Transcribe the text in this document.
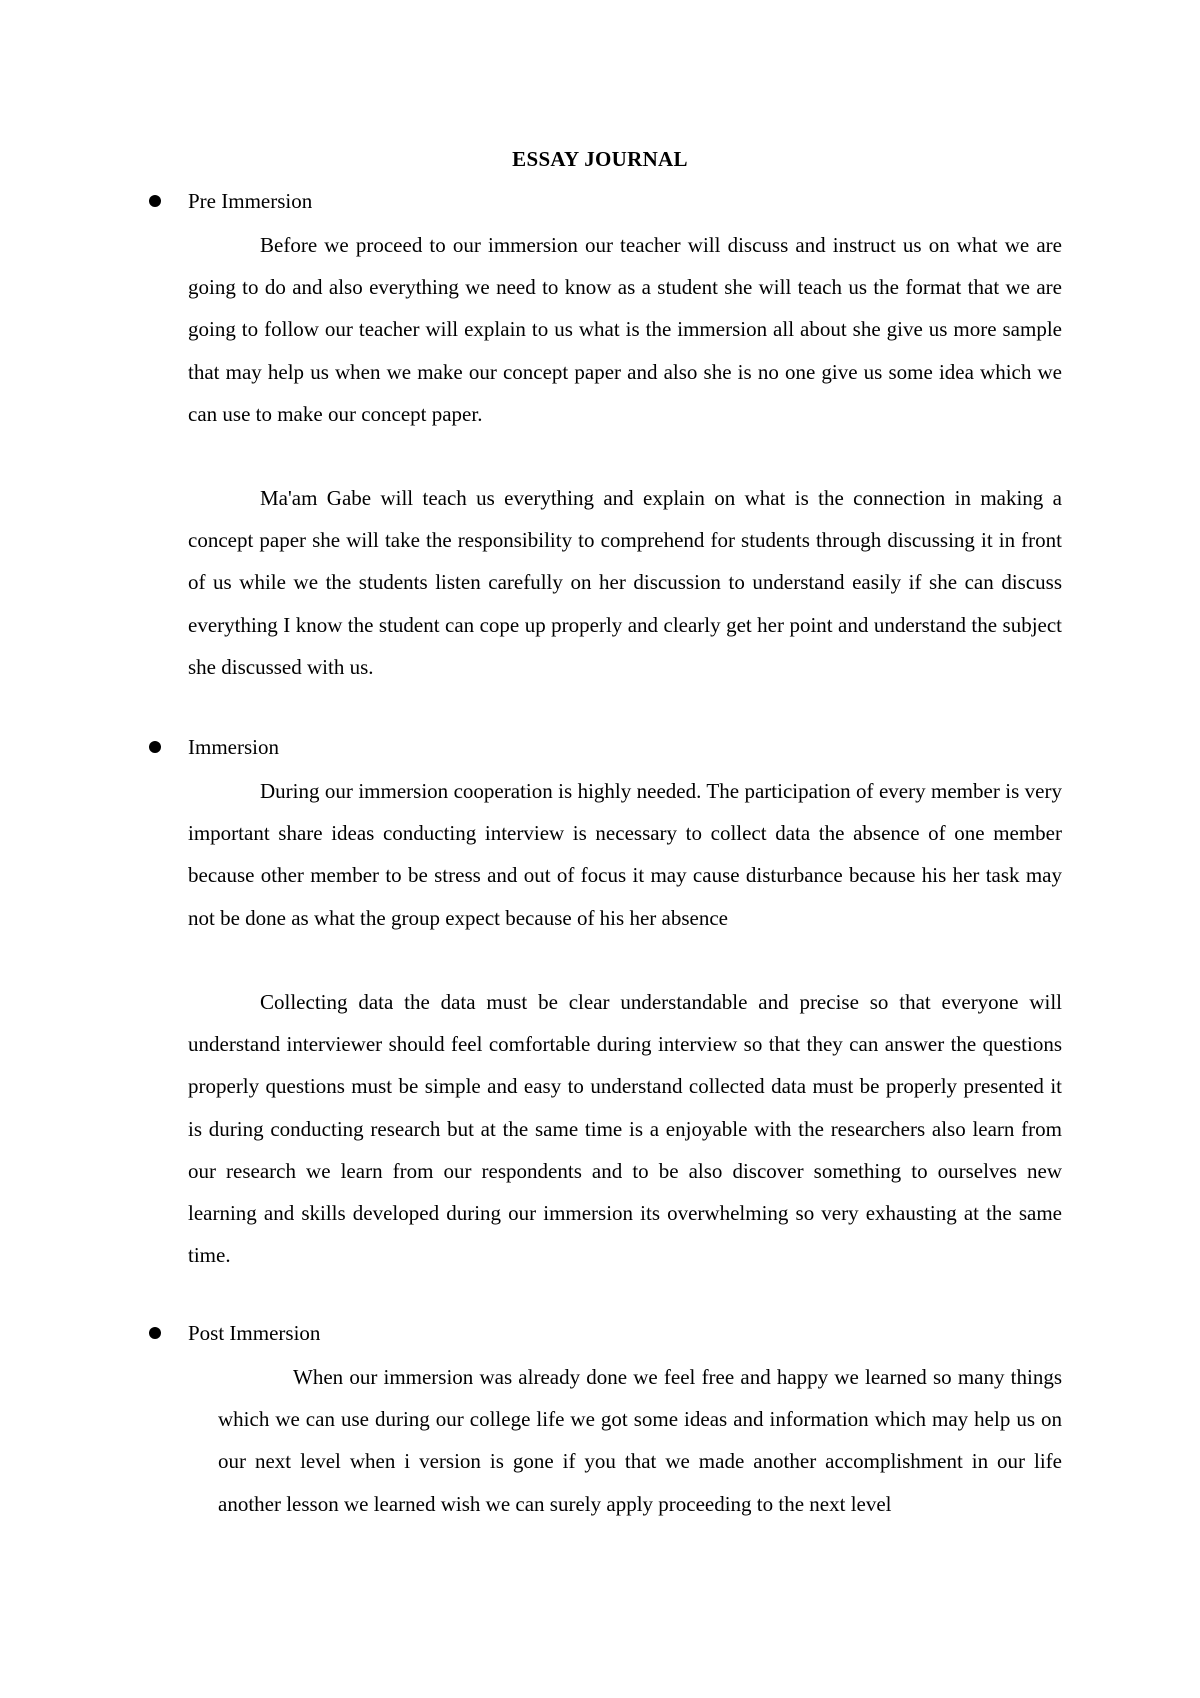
ESSAY JOURNAL
Pre Immersion

Before we proceed to our immersion our teacher will discuss and instruct us on what we are going to do and also everything we need to know as a student she will teach us the format that we are going to follow our teacher will explain to us what is the immersion all about she give us more sample that may help us when we make our concept paper and also she is no one give us some idea which we can use to make our concept paper.

Ma'am Gabe will teach us everything and explain on what is the connection in making a concept paper she will take the responsibility to comprehend for students through discussing it in front of us while we the students listen carefully on her discussion to understand easily if she can discuss everything I know the student can cope up properly and clearly get her point and understand the subject she discussed with us.

Immersion

During our immersion cooperation is highly needed. The participation of every member is very important share ideas conducting interview is necessary to collect data the absence of one member because other member to be stress and out of focus it may cause disturbance because his her task may not be done as what the group expect because of his her absence

Collecting data the data must be clear understandable and precise so that everyone will understand interviewer should feel comfortable during interview so that they can answer the questions properly questions must be simple and easy to understand collected data must be properly presented it is during conducting research but at the same time is a enjoyable with the researchers also learn from our research we learn from our respondents and to be also discover something to ourselves new learning and skills developed during our immersion its overwhelming so very exhausting at the same time.

Post Immersion

When our immersion was already done we feel free and happy we learned so many things which we can use during our college life we got some ideas and information which may help us on our next level when i version is gone if you that we made another accomplishment in our life another lesson we learned wish we can surely apply proceeding to the next level
